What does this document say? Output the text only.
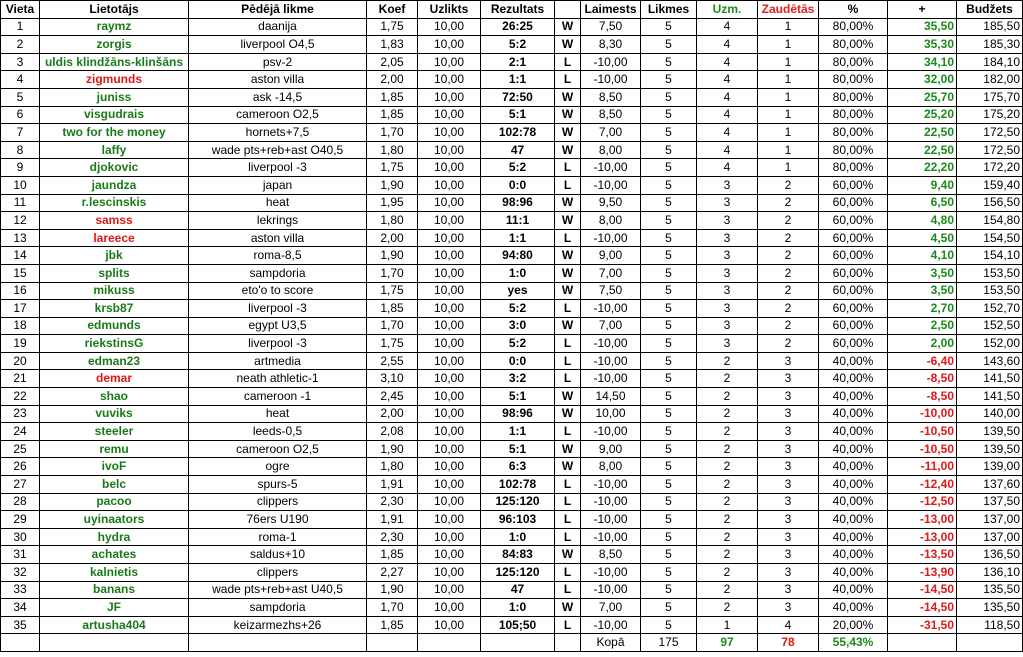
Vieta	Lietotājs	Pēdējā likme	Koef	Uzlikts	Rezultats		Laimests	Likmes	Uzm.	Zaudētās	%	+	Budžets
1	raymz	daanija	1,75	10,00	26:25	W	7,50	5	4	1	80,00%	35,50	185,50
2	zorgis	liverpool O4,5	1,83	10,00	5:2	W	8,30	5	4	1	80,00%	35,30	185,30
3	uldis klindžāns-klinšāns	psv-2	2,05	10,00	2:1	L	-10,00	5	4	1	80,00%	34,10	184,10
4	zigmunds	aston villa	2,00	10,00	1:1	L	-10,00	5	4	1	80,00%	32,00	182,00
5	juniss	ask -14,5	1,85	10,00	72:50	W	8,50	5	4	1	80,00%	25,70	175,70
6	visgudrais	cameroon O2,5	1,85	10,00	5:1	W	8,50	5	4	1	80,00%	25,20	175,20
7	two for the money	hornets+7,5	1,70	10,00	102:78	W	7,00	5	4	1	80,00%	22,50	172,50
8	laffy	wade pts+reb+ast O40,5	1,80	10,00	47	W	8,00	5	4	1	80,00%	22,50	172,50
9	djokovic	liverpool -3	1,75	10,00	5:2	L	-10,00	5	4	1	80,00%	22,20	172,20
10	jaundza	japan	1,90	10,00	0:0	L	-10,00	5	3	2	60,00%	9,40	159,40
11	r.lescinskis	heat	1,95	10,00	98:96	W	9,50	5	3	2	60,00%	6,50	156,50
12	samss	lekrings	1,80	10,00	11:1	W	8,00	5	3	2	60,00%	4,80	154,80
13	lareece	aston villa	2,00	10,00	1:1	L	-10,00	5	3	2	60,00%	4,50	154,50
14	jbk	roma-8,5	1,90	10,00	94:80	W	9,00	5	3	2	60,00%	4,10	154,10
15	splits	sampdoria	1,70	10,00	1:0	W	7,00	5	3	2	60,00%	3,50	153,50
16	mikuss	eto'o to score	1,75	10,00	yes	W	7,50	5	3	2	60,00%	3,50	153,50
17	krsb87	liverpool -3	1,85	10,00	5:2	L	-10,00	5	3	2	60,00%	2,70	152,70
18	edmunds	egypt U3,5	1,70	10,00	3:0	W	7,00	5	3	2	60,00%	2,50	152,50
19	riekstinsG	liverpool -3	1,75	10,00	5:2	L	-10,00	5	3	2	60,00%	2,00	152,00
20	edman23	artmedia	2,55	10,00	0:0	L	-10,00	5	2	3	40,00%	-6,40	143,60
21	demar	neath athletic-1	3,10	10,00	3:2	L	-10,00	5	2	3	40,00%	-8,50	141,50
22	shao	cameroon -1	2,45	10,00	5:1	W	14,50	5	2	3	40,00%	-8,50	141,50
23	vuviks	heat	2,00	10,00	98:96	W	10,00	5	2	3	40,00%	-10,00	140,00
24	steeler	leeds-0,5	2,08	10,00	1:1	L	-10,00	5	2	3	40,00%	-10,50	139,50
25	remu	cameroon O2,5	1,90	10,00	5:1	W	9,00	5	2	3	40,00%	-10,50	139,50
26	ivoF	ogre	1,80	10,00	6:3	W	8,00	5	2	3	40,00%	-11,00	139,00
27	belc	spurs-5	1,91	10,00	102:78	L	-10,00	5	2	3	40,00%	-12,40	137,60
28	pacoo	clippers	2,30	10,00	125:120	L	-10,00	5	2	3	40,00%	-12,50	137,50
29	uyinaators	76ers U190	1,91	10,00	96:103	L	-10,00	5	2	3	40,00%	-13,00	137,00
30	hydra	roma-1	2,30	10,00	1:0	L	-10,00	5	2	3	40,00%	-13,00	137,00
31	achates	saldus+10	1,85	10,00	84:83	W	8,50	5	2	3	40,00%	-13,50	136,50
32	kalnietis	clippers	2,27	10,00	125:120	L	-10,00	5	2	3	40,00%	-13,90	136,10
33	banans	wade pts+reb+ast U40,5	1,90	10,00	47	L	-10,00	5	2	3	40,00%	-14,50	135,50
34	JF	sampdoria	1,70	10,00	1:0	W	7,00	5	2	3	40,00%	-14,50	135,50
35	artusha404	keizarmezhs+26	1,85	10,00	105;50	L	-10,00	5	1	4	20,00%	-31,50	118,50
							Kopā	175	97	78	55,43%		
